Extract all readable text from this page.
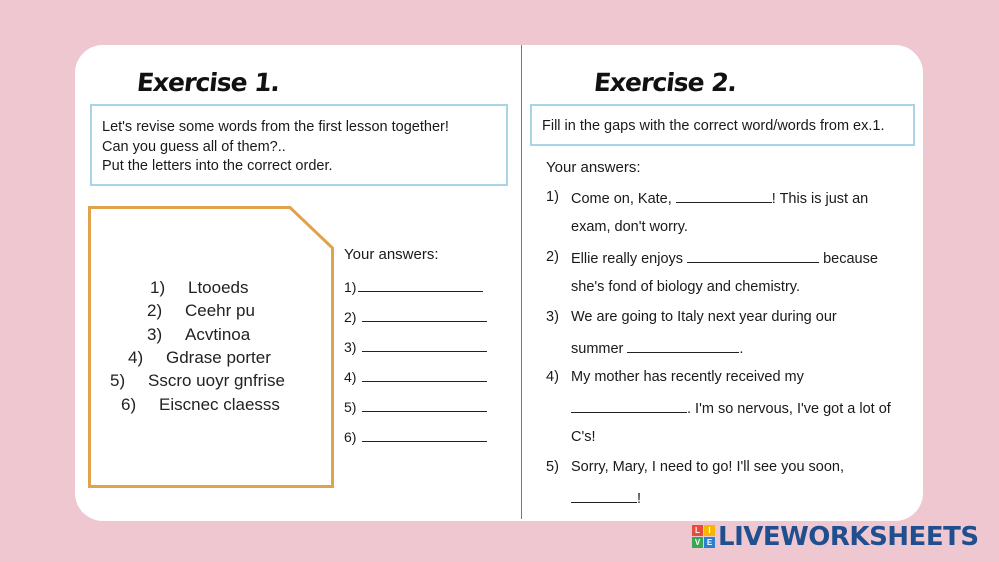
Exercise 1.
Let's revise some words from the first lesson together!
Can you guess all of them?..
Put the letters into the correct order.
1) Ltooeds
2) Ceehr pu
3) Acvtinoa
4) Gdrase porter
5) Sscro uoyr gnfrise
6) Eiscnec claesss
Your answers:
1)
2)
3)
4)
5)
6)
Exercise 2.
Fill in the gaps with the correct word/words from ex.1.
Your answers:
1) Come on, Kate,	! This is just an
exam, don't worry.
2) Ellie really enjoys	because
she's fond of biology and chemistry.
3) We are going to Italy next year during our
summer	.
4) My mother has recently received my
. I'm so nervous, I've got a lot of
C's!
5) Sorry, Mary, I need to go! I'll see you soon,
!
L	I
V E LIVEWORKSHEETS
